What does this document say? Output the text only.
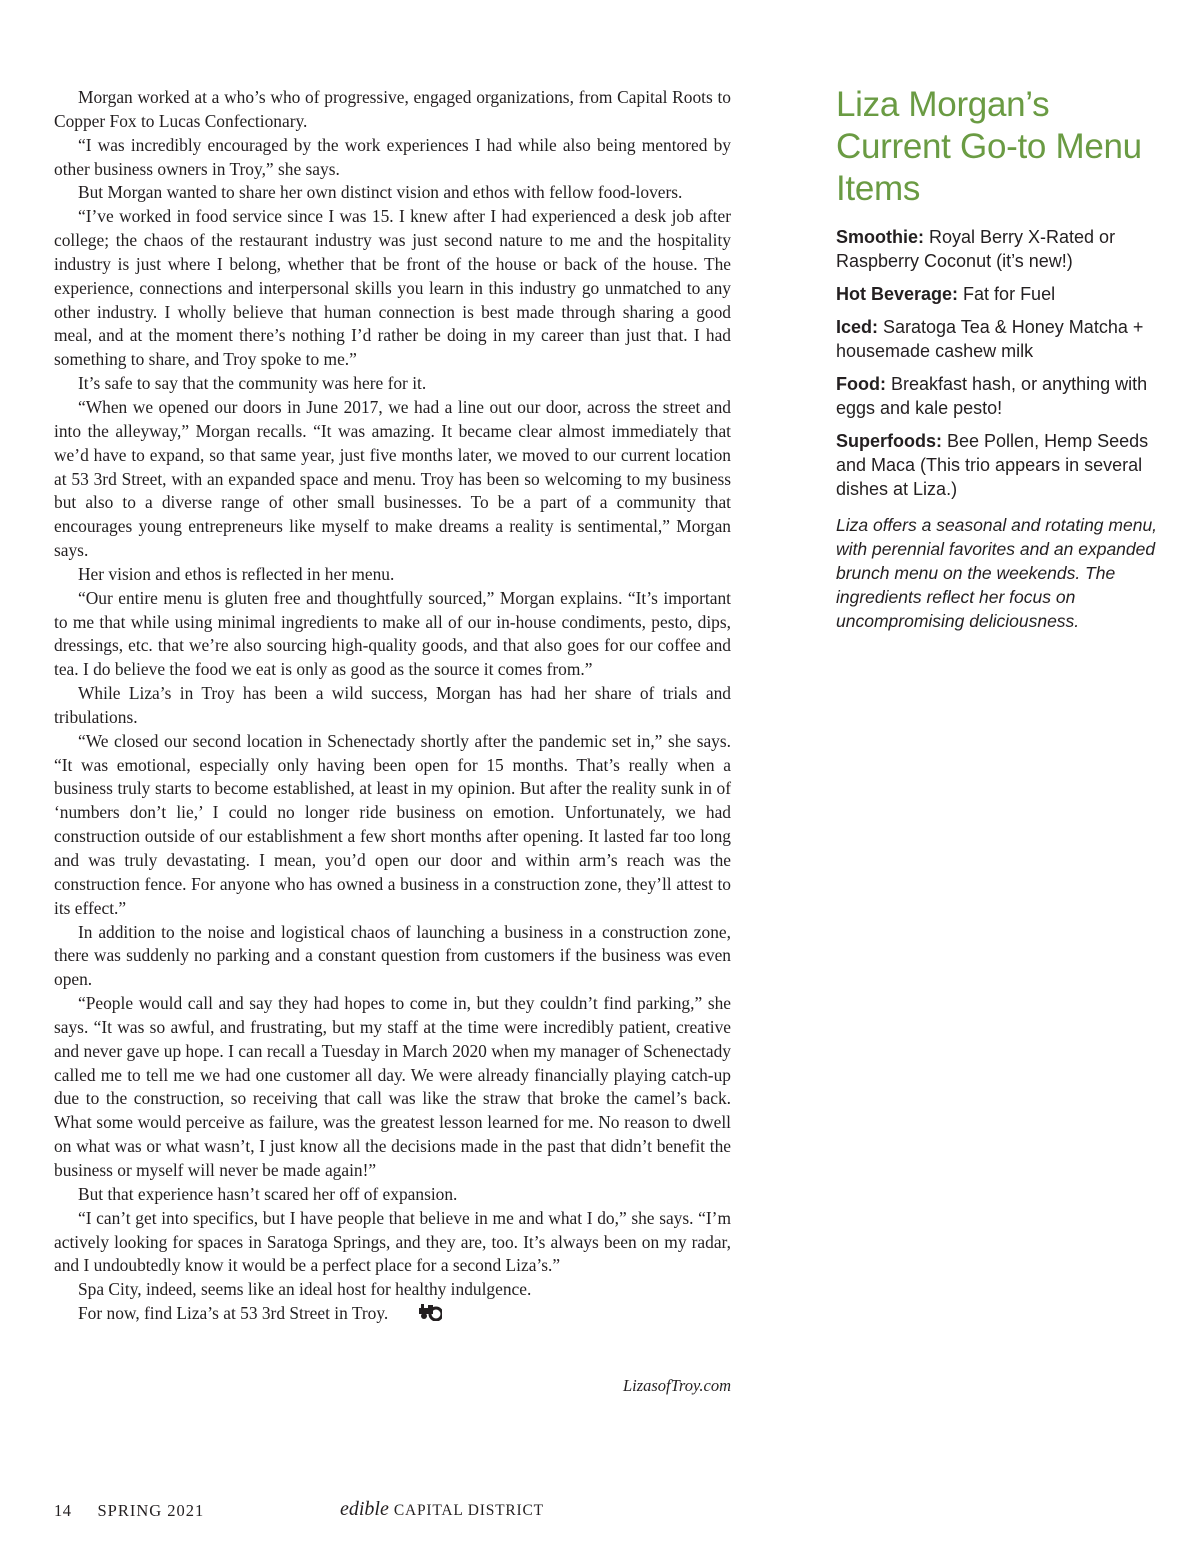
Morgan worked at a who’s who of progressive, engaged organizations, from Capital Roots to Copper Fox to Lucas Confectionary.

“I was incredibly encouraged by the work experiences I had while also being mentored by other business owners in Troy,” she says.

But Morgan wanted to share her own distinct vision and ethos with fellow food-lovers.

“I’ve worked in food service since I was 15. I knew after I had experienced a desk job after college; the chaos of the restaurant industry was just second nature to me and the hospitality industry is just where I belong, whether that be front of the house or back of the house. The experience, connections and interpersonal skills you learn in this industry go unmatched to any other industry. I wholly believe that human connection is best made through sharing a good meal, and at the moment there’s nothing I’d rather be doing in my career than just that. I had something to share, and Troy spoke to me.”

It’s safe to say that the community was here for it.

“When we opened our doors in June 2017, we had a line out our door, across the street and into the alleyway,” Morgan recalls. “It was amazing. It became clear almost immediately that we’d have to expand, so that same year, just five months later, we moved to our current location at 53 3rd Street, with an expanded space and menu. Troy has been so welcoming to my business but also to a diverse range of other small businesses. To be a part of a community that encourages young entrepreneurs like myself to make dreams a reality is sentimental,” Morgan says.

Her vision and ethos is reflected in her menu.

“Our entire menu is gluten free and thoughtfully sourced,” Morgan explains. “It’s important to me that while using minimal ingredients to make all of our in-house condiments, pesto, dips, dressings, etc. that we’re also sourcing high-quality goods, and that also goes for our coffee and tea. I do believe the food we eat is only as good as the source it comes from.”

While Liza’s in Troy has been a wild success, Morgan has had her share of trials and tribulations.

“We closed our second location in Schenectady shortly after the pandemic set in,” she says. “It was emotional, especially only having been open for 15 months. That’s really when a business truly starts to become established, at least in my opinion. But after the reality sunk in of ‘numbers don’t lie,’ I could no longer ride business on emotion. Unfortunately, we had construction outside of our establishment a few short months after opening. It lasted far too long and was truly devastating. I mean, you’d open our door and within arm’s reach was the construction fence. For anyone who has owned a business in a construction zone, they’ll attest to its effect.”

In addition to the noise and logistical chaos of launching a business in a construction zone, there was suddenly no parking and a constant question from customers if the business was even open.

“People would call and say they had hopes to come in, but they couldn’t find parking,” she says. “It was so awful, and frustrating, but my staff at the time were incredibly patient, creative and never gave up hope. I can recall a Tuesday in March 2020 when my manager of Schenectady called me to tell me we had one customer all day. We were already financially playing catch-up due to the construction, so receiving that call was like the straw that broke the camel’s back. What some would perceive as failure, was the greatest lesson learned for me. No reason to dwell on what was or what wasn’t, I just know all the decisions made in the past that didn’t benefit the business or myself will never be made again!”

But that experience hasn’t scared her off of expansion.

“I can’t get into specifics, but I have people that believe in me and what I do,” she says. “I’m actively looking for spaces in Saratoga Springs, and they are, too. It’s always been on my radar, and I undoubtedly know it would be a perfect place for a second Liza’s.”

Spa City, indeed, seems like an ideal host for healthy indulgence.

For now, find Liza’s at 53 3rd Street in Troy.

LizasofTroy.com
Liza Morgan’s Current Go-to Menu Items
Smoothie: Royal Berry X-Rated or Raspberry Coconut (it’s new!)
Hot Beverage: Fat for Fuel
Iced: Saratoga Tea & Honey Matcha + housemade cashew milk
Food: Breakfast hash, or anything with eggs and kale pesto!
Superfoods: Bee Pollen, Hemp Seeds and Maca (This trio appears in several dishes at Liza.)
Liza offers a seasonal and rotating menu, with perennial favorites and an expanded brunch menu on the weekends. The ingredients reflect her focus on uncompromising deliciousness.
14 SPRING 2021	edible CAPITAL DISTRICT
